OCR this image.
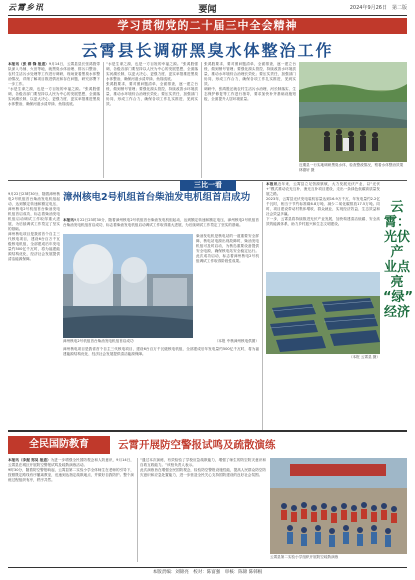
云霄乡讯	要闻	2024年9月26日　第二版
学习贯彻党的二十届三中全会精神
云霄县长调研黑臭水体整治工作
本报讯（张 群 锋 报道）9月14日，云霄县县长张鸿胜带队深入马铺、火田等地，就黑臭水体治理、排污口整治、农村生活污水处理等工作进行调研，现场查看黑臭水体整治情况，详细了解项目推进情况和存在问题，研究部署下一步工作。
“水是生命之源，也是一方百姓的幸福之源。”张鸿胜强调，各级各部门要坚持以人民为中心的发展思想，全面落实河湖长制，以更大决心、更强力度、更实举措推进黑臭水体整治，确保河道水清岸绿、鱼翔浅底。
“水是生命之源，也是一方百姓的幸福之源。”张鸿胜强调，各级各部门要坚持以人民为中心的发展思想，全面落实河湖长制，以更大决心、更强力度、更实举措推进黑臭水体整治，确保河道水清岸绿、鱼翔浅底。
张鸿胜要求，要对照问题清单，全面排查，逐一建立台账，做到销号管理；要强化源头管控，持续改善水环境质量，推动水环境综合治理长效化；要压实责任，加强部门协同，形成工作合力，确保各项工作扎实推进、见到实效。
张鸿胜要求，要对照问题清单，全面排查，逐一建立台账，做到销号管理；要强化源头管控，持续改善水环境质量，推动水环境综合治理长效化；要压实责任，加强部门协同，形成工作合力，确保各项工作扎实推进、见到实效。
调研中，张鸿胜还就农村生活污水治理、河长制落实、生态保护修复等工作进行指导，要求加快补齐基础设施短板，全面提升人居环境质量。
近期县一行实地调研黑臭水体，检查整改情况，察看水体整治效果 林德轩 摄
三比一看
漳州核电2号机组首台柴油发电机组首启成功
本报讯9月22日23时30分，随着漳州核电2号机组首台柴油发电机组起动，达到额定转速和额定电压，漳州核电2号机组首台柴油发电机组首启成功，标志着柴油发电机组启动调试工作取得重大进展，为后续调试工作奠定了坚实的基础。
柴油发电机是核电站的一道重要安全屏障，核电站电源出现故障时，柴油发电机组可及时启动，为核岛重要设备提供安全电源，确保核电站安全稳定运行。此次成功启动，标志着漳州核电2号机组调试工作取得阶段性成果。
漳州核电2号机组首台柴油发电机组首启成功	（本报 中核漳州核电供图）
漳州核电项目是我省首个自主三代核电项目，建设6台百万千瓦级核电机组，全部建成后年发电量约500亿千瓦时，将为福建能源结构优化、经济社会发展提供清洁能源保障。
9月22日23时30分，随着漳州核电2号机组首台柴油发电机组起动，达到额定转速和额定电压，漳州核电2号机组首台柴油发电机组首启成功，标志着柴油发电机组启动调试工作取得重大进展，为后续调试工作奠定了坚实的基础。
漳州核电项目是我省首个自主三代核电项目，建设6台百万千瓦级核电机组，全部建成后年发电量约500亿千瓦时，将为福建能源结构优化、经济社会发展提供清洁能源保障。
本报讯近年来，云霄县立足资源禀赋，大力发展光伏产业，以“光伏+”模式推动农光互补、渔光互补项目建设，走出一条绿色低碳高质量发展之路。
2023年，云霄县光伏发电装机容量达到16.9万千瓦，年发电量约2.2亿千瓦时，相当于节约标准煤6.8万吨、减少二氧化碳排放17.5万吨。同时，项目建设带动村集体增收、群众就业，实现经济效益、生态效益和社会效益多赢。
下一步，云霄县将持续推进光伏产业发展，加快构建清洁低碳、安全高效的能源体系，助力乡村振兴和生态文明建设。
（本报 云霄县 摄）
云霄：
光伏产
业点亮
“绿”
经济
全民国防教育	云霄开展防空警报试鸣及疏散演练
本报讯（李振 郑昊 报道）为进一步增强全民国防观念和人防意识，9月14日，云霄县在城区开展防空警报试鸣及疏散演练活动。
9时30分，随着防空警报响起，云霄县第二实验小学全体师生在老师的引导下，按照既定路线有序撤离教室，迅速到达指定疏散地点，并做好自我防护。整个演练过程组织有序，秩序井然。
“通过本次演练，有效检验了学校应急疏散能力，增强了师生的防空防灾意识和自救互救能力。”该校负责人表示。
此次演练旨在增强全民国防观念，检验防空警报设施性能，提高人民群众防空防灾意识和应急处置能力，进一步营造全民关心支持国防建设的良好社会氛围。
云霄县第二实验小学组织开展防空疏散演练
本版责编：刘锦亮　校对：陈富强　审核：陈锦 陈韩根
